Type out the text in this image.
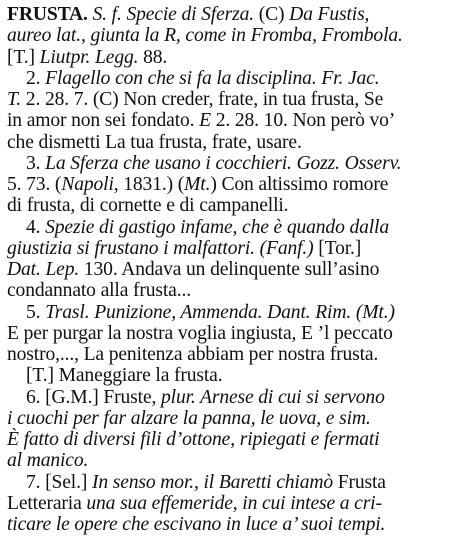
FRUSTA. S. f. Specie di Sferza. (C) Da Fustis,
aureo lat., giunta la R, come in Fromba, Frombola.
[T.] Liutpr. Legg. 88.
2. Flagello con che si fa la disciplina. Fr. Jac.
T. 2. 28. 7. (C) Non creder, frate, in tua frusta, Se
in amor non sei fondato. E 2. 28. 10. Non però vo’
che dismetti La tua frusta, frate, usare.
3. La Sferza che usano i cocchieri. Gozz. Osserv.
5. 73. (Napoli, 1831.) (Mt.) Con altissimo romore
di frusta, di cornette e di campanelli.
4. Spezie di gastigo infame, che è quando dalla
giustizia si frustano i malfattori. (Fanf.) [Tor.]
Dat. Lep. 130. Andava un delinquente sull’asino
condannato alla frusta...
5. Trasl. Punizione, Ammenda. Dant. Rim. (Mt.)
E per purgar la nostra voglia ingiusta, E ’l peccato
nostro,..., La penitenza abbiam per nostra frusta.
[T.] Maneggiare la frusta.
6. [G.M.] Fruste, plur. Arnese di cui si servono
i cuochi per far alzare la panna, le uova, e sim.
È fatto di diversi fili d’ottone, ripiegati e fermati
al manico.
7. [Sel.] In senso mor., il Baretti chiamò Frusta
Letteraria una sua effemeride, in cui intese a cri-
ticare le opere che escivano in luce a’ suoi tempi.
